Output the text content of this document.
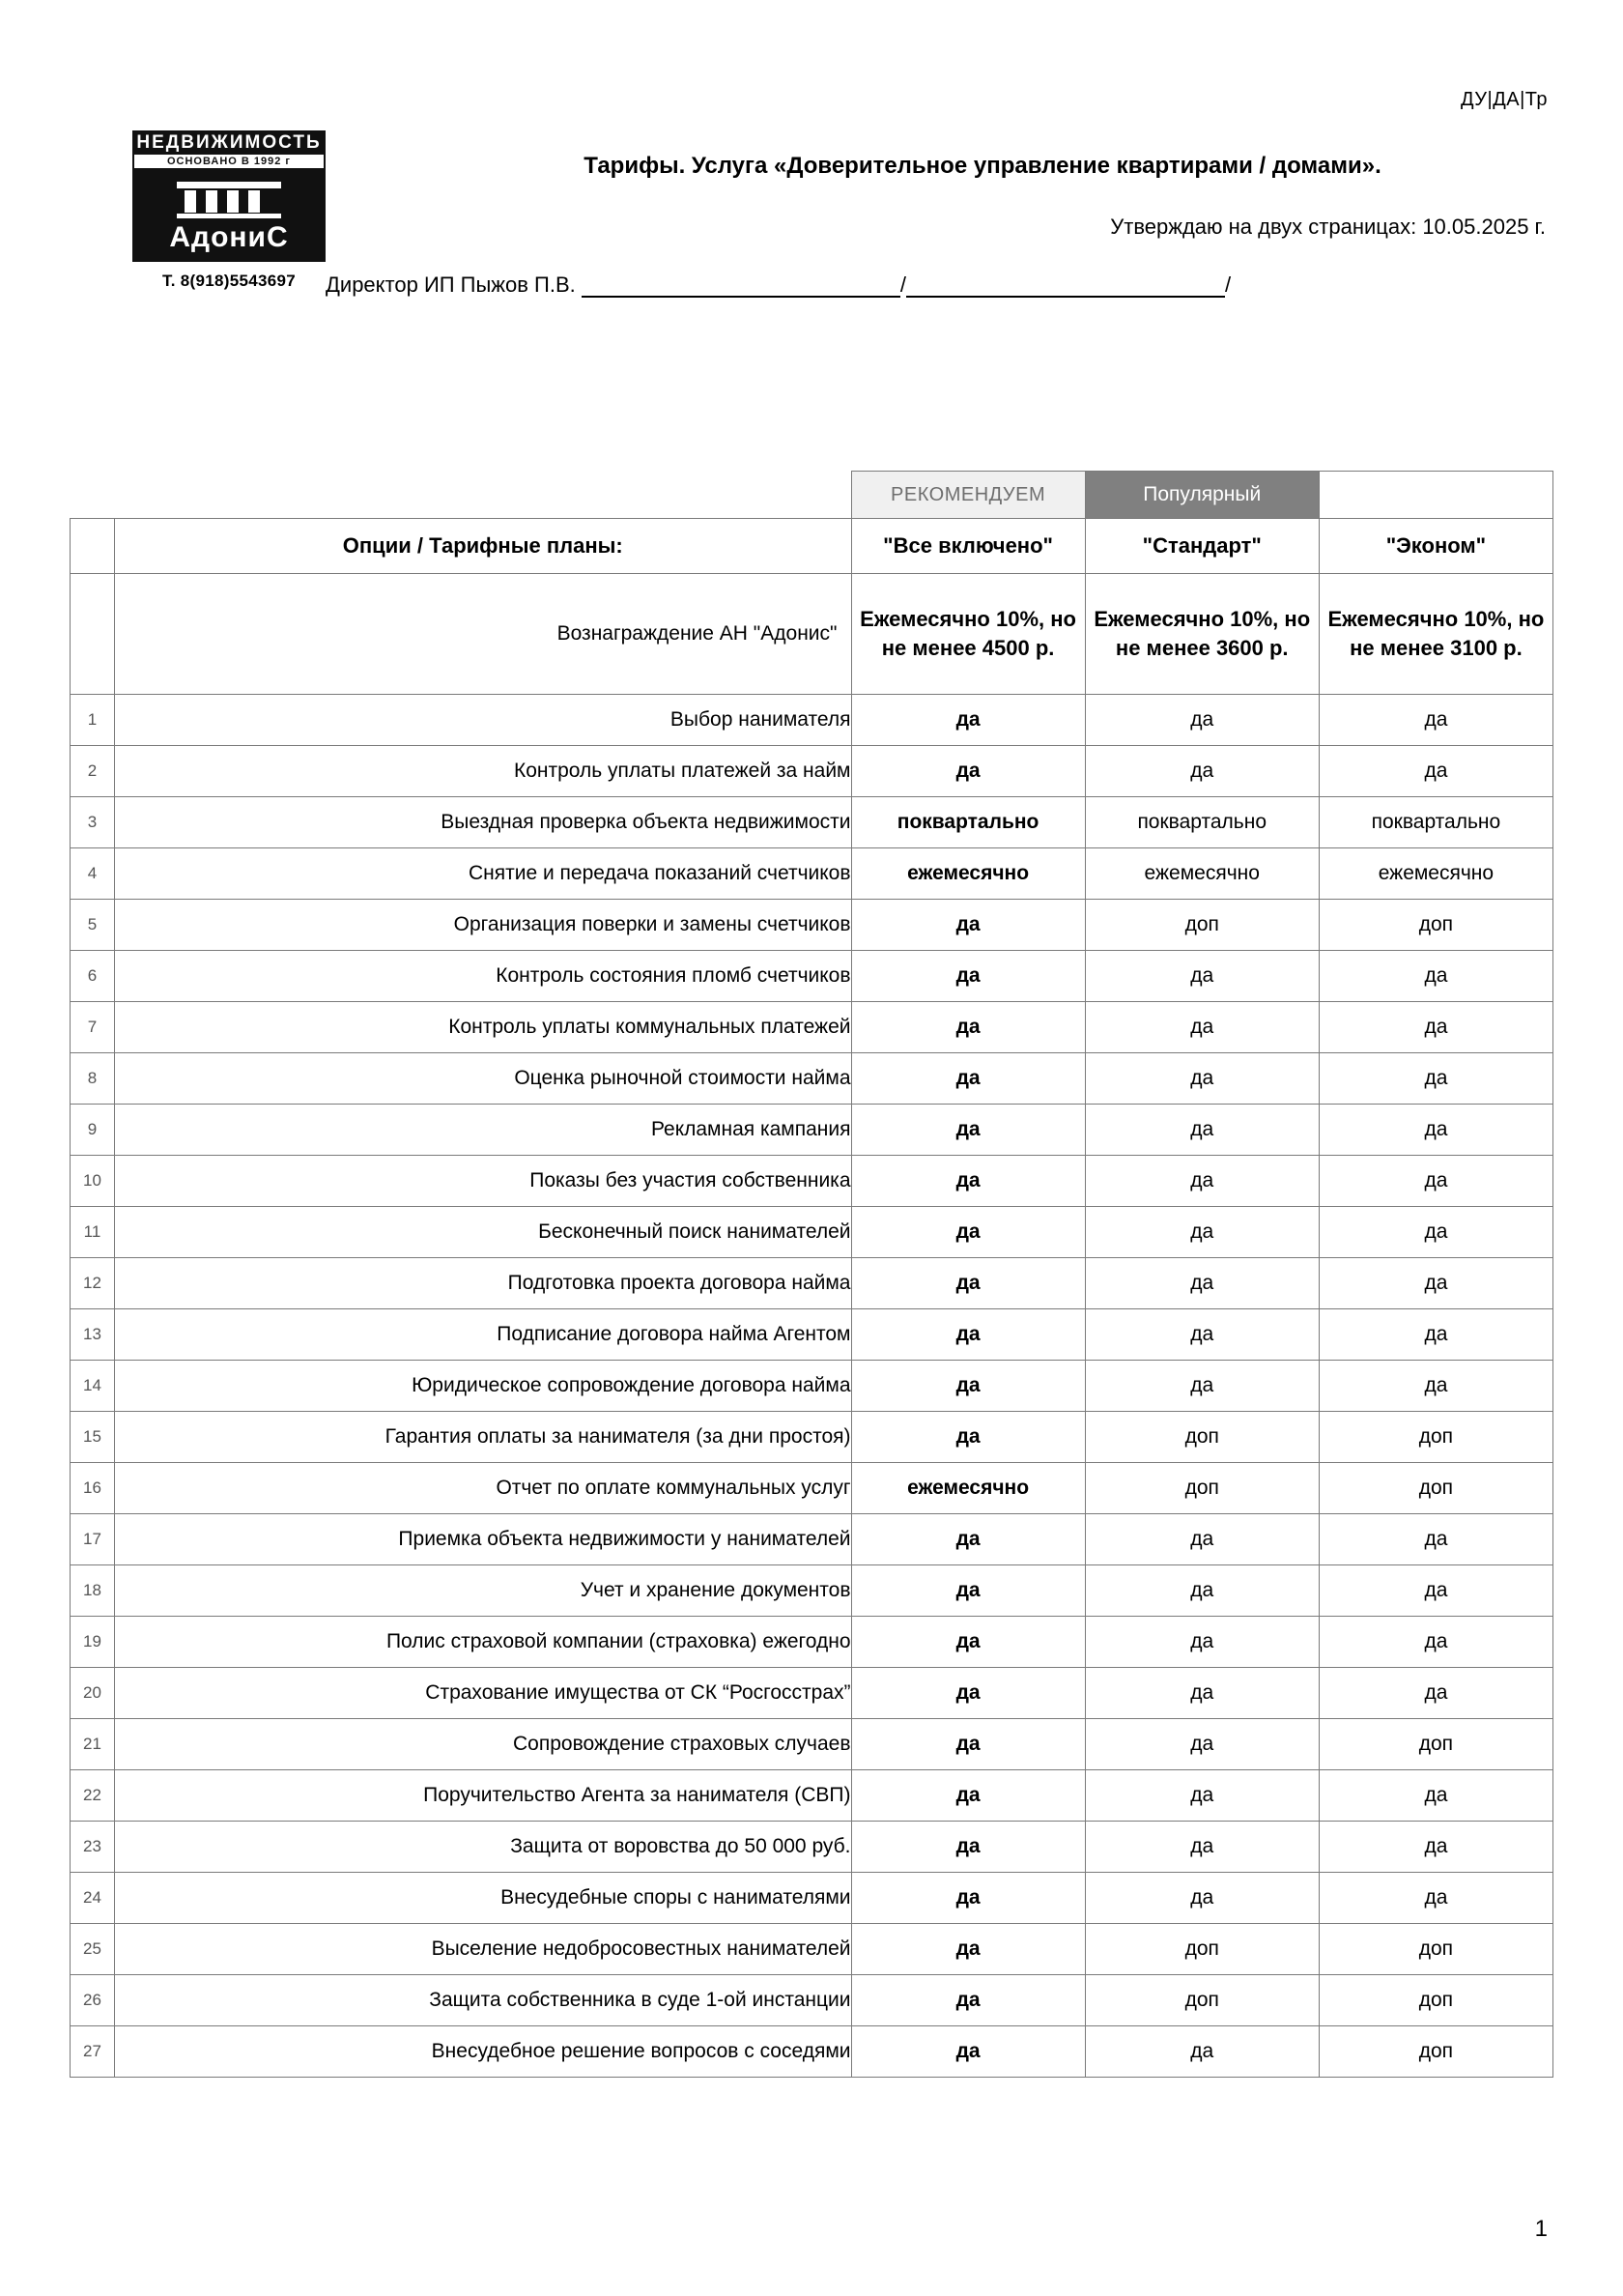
ДУ|ДА|Тр
НЕДВИЖИМОСТЬ
ОСНОВАНО В 1992 г
АдониС
Т. 8(918)5543697
Тарифы. Услуга «Доверительное управление квартирами / домами».
Утверждаю на двух страницах: 10.05.2025 г.
Директор ИП Пыжов П.В.	/	/
		РЕКОМЕНДУЕМ	Популярный	
	Опции / Тарифные планы:	"Все включено"	"Стандарт"	"Эконом"
	Вознаграждение АН "Адонис"	Ежемесячно 10%, но не менее 4500 р.	Ежемесячно 10%, но не менее 3600 р.	Ежемесячно 10%, но не менее 3100 р.
1	Выбор нанимателя	да	да	да
2	Контроль уплаты платежей за найм	да	да	да
3	Выездная проверка объекта недвижимости	поквартально	поквартально	поквартально
4	Снятие и передача показаний счетчиков	ежемесячно	ежемесячно	ежемесячно
5	Организация поверки и замены счетчиков	да	доп	доп
6	Контроль состояния пломб счетчиков	да	да	да
7	Контроль уплаты коммунальных платежей	да	да	да
8	Оценка рыночной стоимости найма	да	да	да
9	Рекламная кампания	да	да	да
10	Показы без участия собственника	да	да	да
11	Бесконечный поиск нанимателей	да	да	да
12	Подготовка проекта договора найма	да	да	да
13	Подписание договора найма Агентом	да	да	да
14	Юридическое сопровождение договора найма	да	да	да
15	Гарантия оплаты за нанимателя (за дни простоя)	да	доп	доп
16	Отчет по оплате коммунальных услуг	ежемесячно	доп	доп
17	Приемка объекта недвижимости у нанимателей	да	да	да
18	Учет и хранение документов	да	да	да
19	Полис страховой компании (страховка) ежегодно	да	да	да
20	Страхование имущества от СК “Росгосстрах”	да	да	да
21	Сопровождение страховых случаев	да	да	доп
22	Поручительство Агента за нанимателя (СВП)	да	да	да
23	Защита от воровства до 50 000 руб.	да	да	да
24	Внесудебные споры с нанимателями	да	да	да
25	Выселение недобросовестных нанимателей	да	доп	доп
26	Защита собственника в суде 1-ой инстанции	да	доп	доп
27	Внесудебное решение вопросов с соседями	да	да	доп
1
